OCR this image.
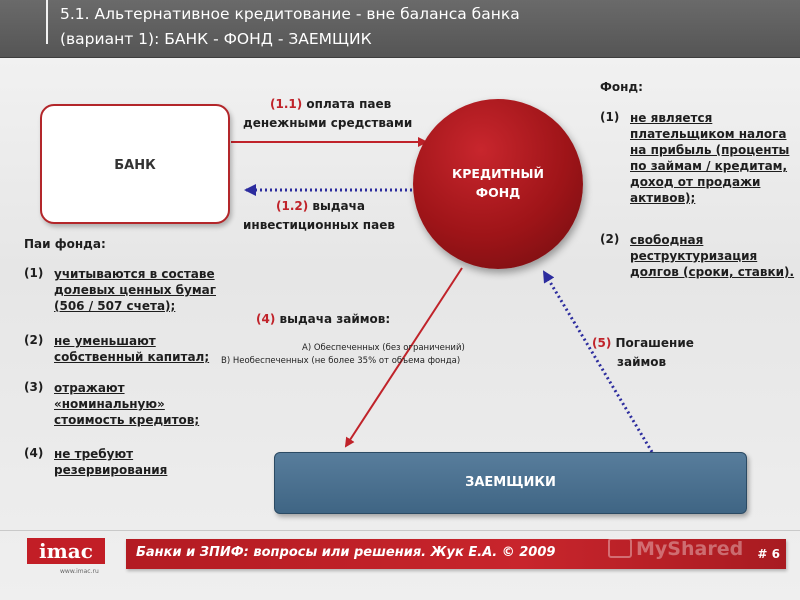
5.1. Альтернативное кредитование - вне баланса банка
(вариант 1): БАНК - ФОНД - ЗАЕМЩИК
БАНК
КРЕДИТНЫЙ
ФОНД
ЗАЕМЩИКИ
(1.1) оплата паев
денежными средствами
(1.2) выдача
инвестиционных паев
(4) выдача займов:
А) Обеспеченных (без ограничений)
В) Необеспеченных (не более 35% от объема фонда)
(5) Погашение
займов
Фонд:
(1) не является
плательщиком налога
на прибыль (проценты
по займам / кредитам,
доход от продажи
активов);
(2) свободная
реструктуризация
долгов (сроки, ставки).
Паи фонда:
(1) учитываются в составе
долевых ценных бумаг
(506 / 507 счета);
(2) не уменьшают
собственный капитал;
(3) отражают
«номинальную»
стоимость кредитов;
(4) не требуют
резервирования
imac
www.imac.ru
Банки и ЗПИФ: вопросы или решения. Жук Е.А. © 2009	# 6
MyShared
